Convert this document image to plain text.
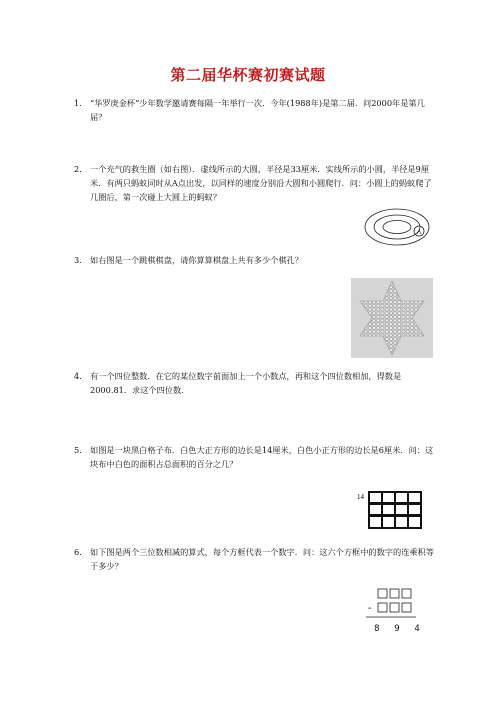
第二届华杯赛初赛试题
1. “华罗庚金杯”少年数学邀请赛每隔一年举行一次．今年(1988年)是第二届．问2000年是第几届？
2. 一个充气的救生圈（如右图）．虚线所示的大圆，半径是33厘米．实线所示的小圆，半径是9厘米．有两只蚂蚁同时从A点出发，以同样的速度分别沿大圆和小圆爬行．问：小圆上的蚂蚁爬了几圈后，第一次碰上大圆上的蚂蚁？
A
3. 如右图是一个跳棋棋盘，请你算算棋盘上共有多少个棋孔？
4. 有一个四位整数．在它的某位数字前面加上一个小数点，再和这个四位数相加，得数是2000.81．求这个四位数．
5. 如图是一块黑白格子布．白色大正方形的边长是14厘米，白色小正方形的边长是6厘米．问：这块布中白色的面积占总面积的百分之几？
14
6. 如下图是两个三位数相减的算式，每个方框代表一个数字．问：这六个方框中的数字的连乘积等于多少？
-
8 9 4
